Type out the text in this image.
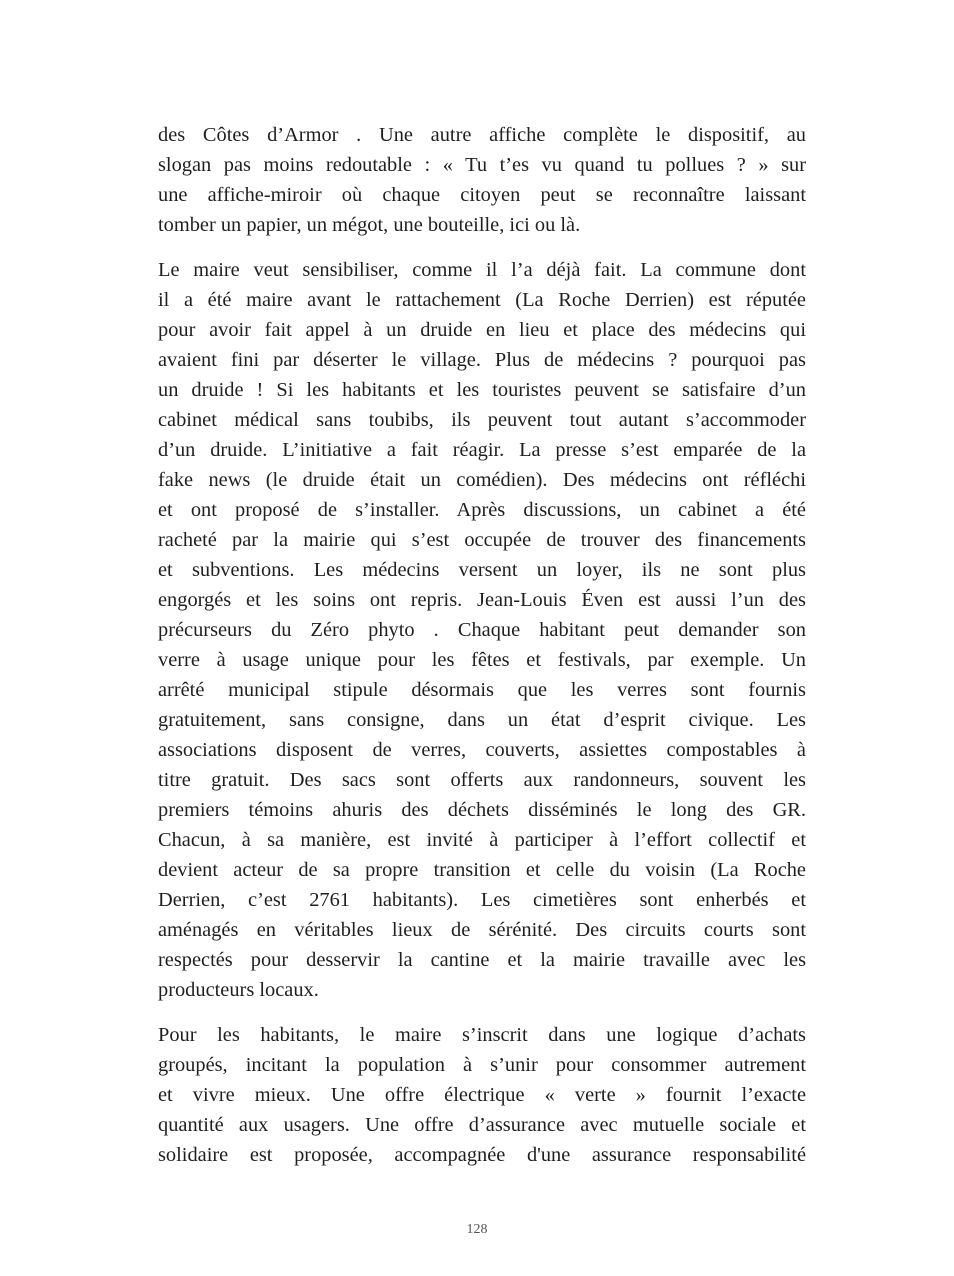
des Côtes d’Armor . Une autre affiche complète le dispositif, au
slogan pas moins redoutable : « Tu t’es vu quand tu pollues ? » sur
une affiche-miroir où chaque citoyen peut se reconnaître laissant
tomber un papier, un mégot, une bouteille, ici ou là.
Le maire veut sensibiliser, comme il l’a déjà fait. La commune dont
il a été maire avant le rattachement (La Roche Derrien) est réputée
pour avoir fait appel à un druide en lieu et place des médecins qui
avaient fini par déserter le village. Plus de médecins ? pourquoi pas
un druide ! Si les habitants et les touristes peuvent se satisfaire d’un
cabinet médical sans toubibs, ils peuvent tout autant s’accommoder
d’un druide. L’initiative a fait réagir. La presse s’est emparée de la
fake news (le druide était un comédien). Des médecins ont réfléchi
et ont proposé de s’installer. Après discussions, un cabinet a été
racheté par la mairie qui s’est occupée de trouver des financements
et subventions. Les médecins versent un loyer, ils ne sont plus
engorgés et les soins ont repris. Jean-Louis Éven est aussi l’un des
précurseurs du Zéro phyto . Chaque habitant peut demander son
verre à usage unique pour les fêtes et festivals, par exemple. Un
arrêté municipal stipule désormais que les verres sont fournis
gratuitement, sans consigne, dans un état d’esprit civique. Les
associations disposent de verres, couverts, assiettes compostables à
titre gratuit. Des sacs sont offerts aux randonneurs, souvent les
premiers témoins ahuris des déchets disséminés le long des GR.
Chacun, à sa manière, est invité à participer à l’effort collectif et
devient acteur de sa propre transition et celle du voisin (La Roche
Derrien, c’est 2761 habitants). Les cimetières sont enherbés et
aménagés en véritables lieux de sérénité. Des circuits courts sont
respectés pour desservir la cantine et la mairie travaille avec les
producteurs locaux.
Pour les habitants, le maire s’inscrit dans une logique d’achats
groupés, incitant la population à s’unir pour consommer autrement
et vivre mieux. Une offre électrique « verte » fournit l’exacte
quantité aux usagers. Une offre d’assurance avec mutuelle sociale et
solidaire est proposée, accompagnée d'une assurance responsabilité
128
